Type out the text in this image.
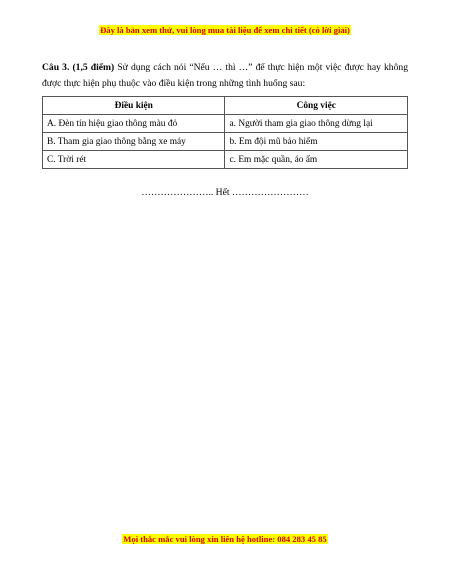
Đây là bản xem thử, vui lòng mua tài liệu để xem chi tiết (có lời giải)
Câu 3. (1,5 điểm) Sử dụng cách nói “Nếu … thì …” để thực hiện một việc được hay không được thực hiện phụ thuộc vào điều kiện trong những tình huống sau:
Điều kiện	Công việc
A. Đèn tín hiệu giao thông màu đỏ	a. Người tham gia giao thông dừng lại
B. Tham gia giao thông bằng xe máy	b. Em đội mũ bảo hiểm
C. Trời rét	c. Em mặc quần, áo ấm
………………….. Hết ……………………
Mọi thắc mắc vui lòng xin liên hệ hotline: 084 283 45 85
